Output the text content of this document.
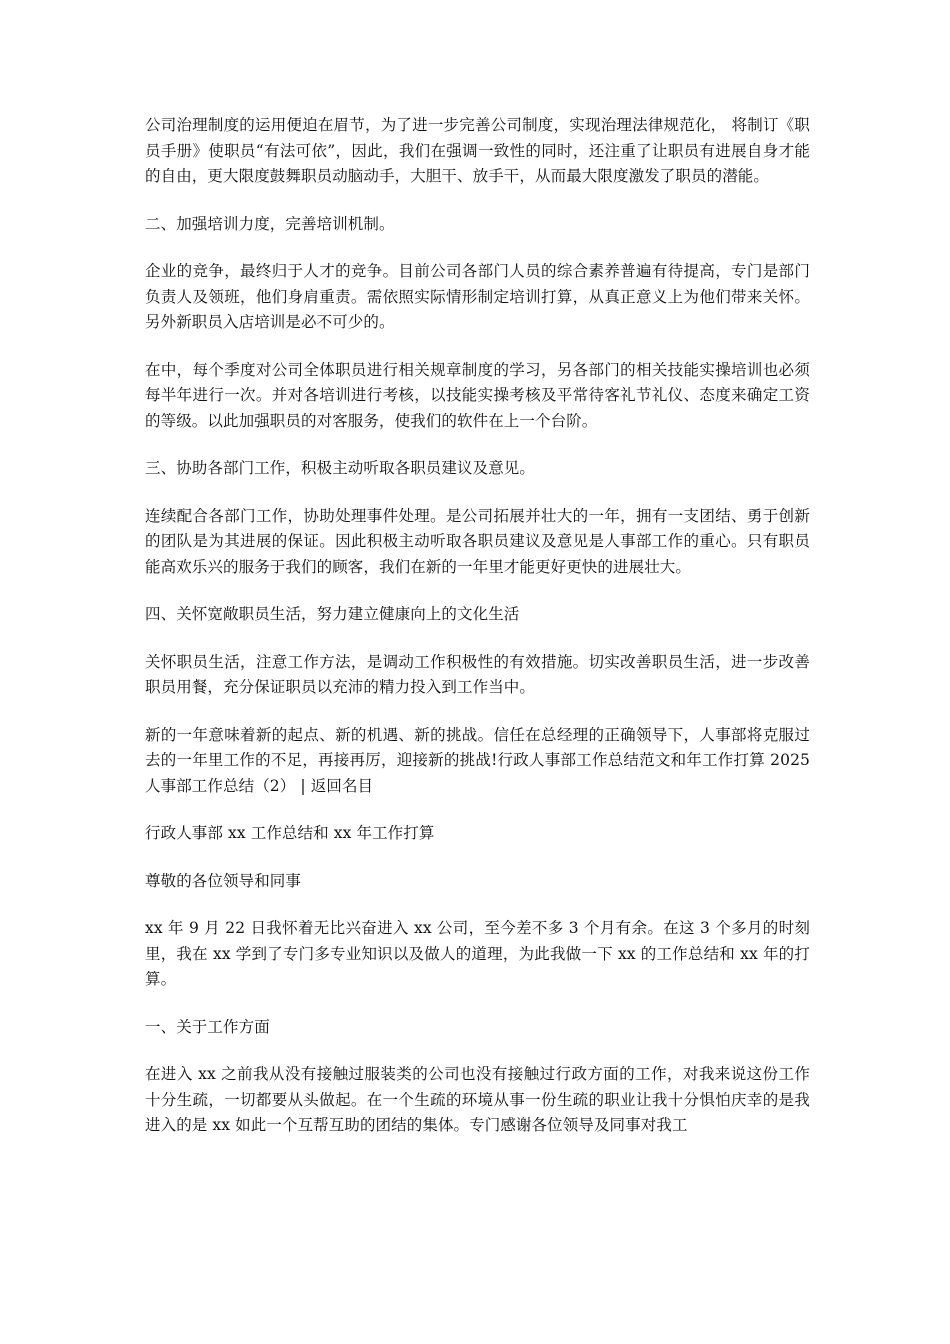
公司治理制度的运用便迫在眉节，为了进一步完善公司制度，实现治理法律规范化， 将制订《职员手册》使职员“有法可依”，因此，我们在强调一致性的同时，还注重了让职员有进展自身才能的自由，更大限度鼓舞职员动脑动手，大胆干、放手干，从而最大限度激发了职员的潜能。

二、加强培训力度，完善培训机制。

企业的竞争，最终归于人才的竞争。目前公司各部门人员的综合素养普遍有待提高，专门是部门负责人及领班，他们身肩重责。需依照实际情形制定培训打算，从真正意义上为他们带来关怀。另外新职员入店培训是必不可少的。

在中，每个季度对公司全体职员进行相关规章制度的学习，另各部门的相关技能实操培训也必须每半年进行一次。并对各培训进行考核，以技能实操考核及平常待客礼节礼仪、态度来确定工资的等级。以此加强职员的对客服务，使我们的软件在上一个台阶。

三、协助各部门工作，积极主动听取各职员建议及意见。

连续配合各部门工作，协助处理事件处理。是公司拓展并壮大的一年，拥有一支团结、勇于创新的团队是为其进展的保证。因此积极主动听取各职员建议及意见是人事部工作的重心。只有职员能高欢乐兴的服务于我们的顾客，我们在新的一年里才能更好更快的进展壮大。

四、关怀宽敞职员生活，努力建立健康向上的文化生活

关怀职员生活，注意工作方法，是调动工作积极性的有效措施。切实改善职员生活，进一步改善职员用餐，充分保证职员以充沛的精力投入到工作当中。

新的一年意味着新的起点、新的机遇、新的挑战。信任在总经理的正确领导下，人事部将克服过去的一年里工作的不足，再接再厉，迎接新的挑战!行政人事部工作总结范文和年工作打算 2025 人事部工作总结（2） | 返回名目

行政人事部 xx 工作总结和 xx 年工作打算

尊敬的各位领导和同事

xx 年 9 月 22 日我怀着无比兴奋进入 xx 公司，至今差不多 3 个月有余。在这 3 个多月的时刻里，我在 xx 学到了专门多专业知识以及做人的道理，为此我做一下 xx 的工作总结和 xx 年的打算。

一、关于工作方面

在进入 xx 之前我从没有接触过服装类的公司也没有接触过行政方面的工作，对我来说这份工作十分生疏，一切都要从头做起。在一个生疏的环境从事一份生疏的职业让我十分惧怕庆幸的是我进入的是 xx 如此一个互帮互助的团结的集体。专门感谢各位领导及同事对我工
